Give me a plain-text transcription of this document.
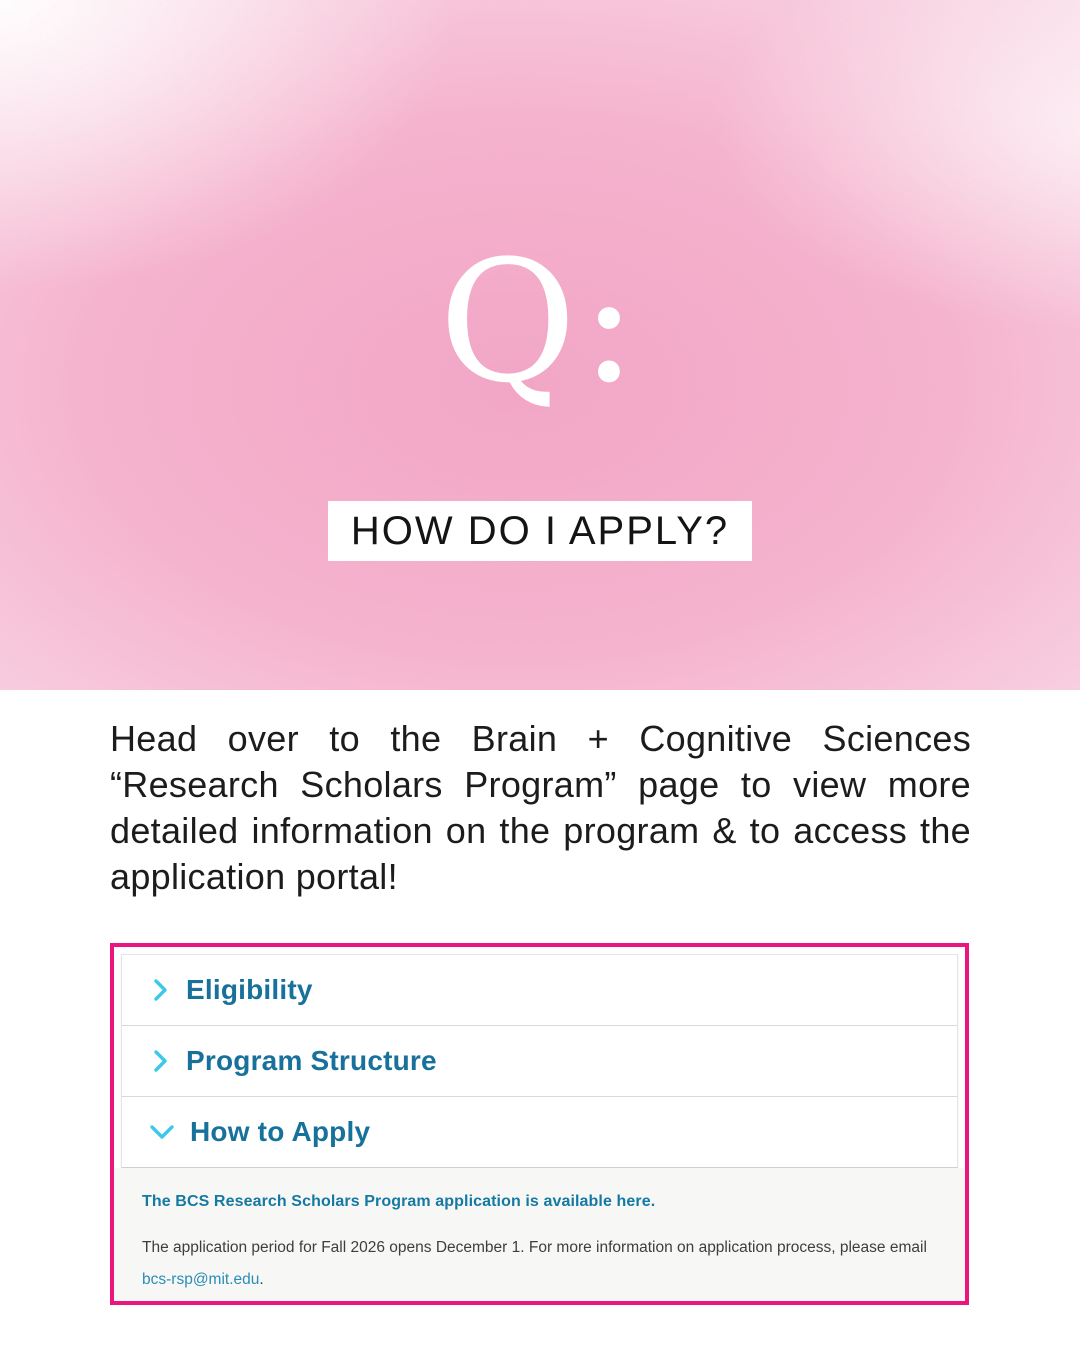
Q:
HOW DO I APPLY?

Head over to the Brain + Cognitive Sciences “Research Scholars Program” page to view more detailed information on the program & to access the application portal!

Eligibility
Program Structure
How to Apply

The BCS Research Scholars Program application is available here.

The application period for Fall 2026 opens December 1. For more information on application process, please email bcs-rsp@mit.edu.
